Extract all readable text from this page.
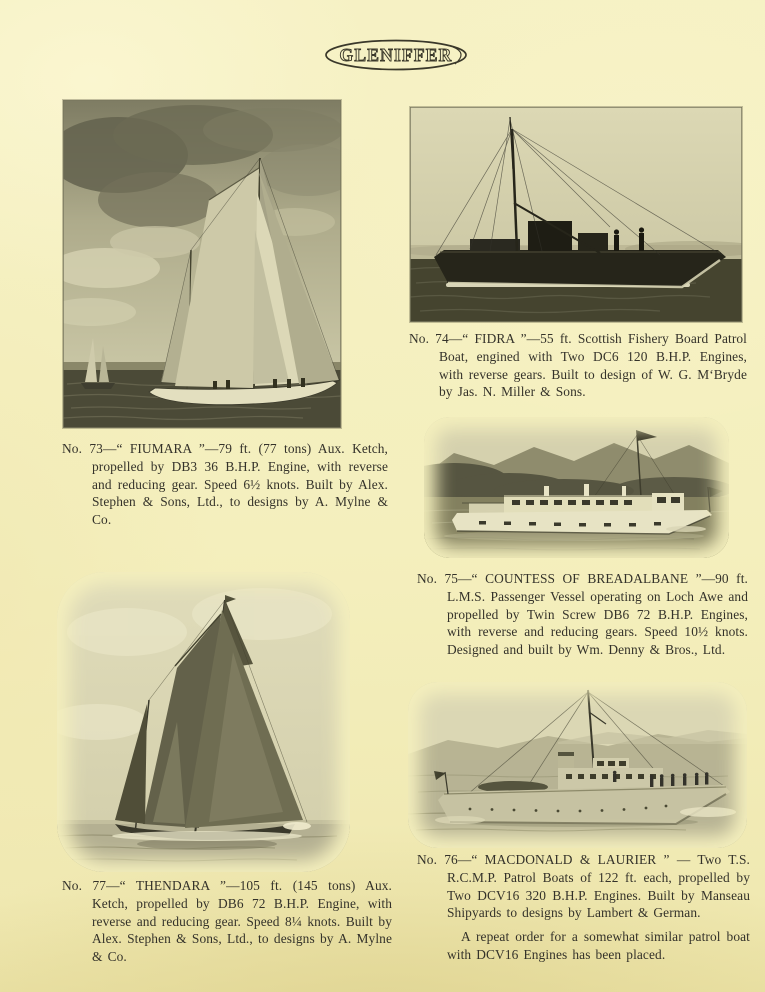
GLENIFFER

No. 73—“ FIUMARA ”—79 ft. (77 tons) Aux. Ketch, propelled by DB3 36 B.H.P. Engine, with reverse and reducing gear. Speed 6½ knots. Built by Alex. Stephen & Sons, Ltd., to designs by A. Mylne & Co.

No. 74—“ FIDRA ”—55 ft. Scottish Fishery Board Patrol Boat, engined with Two DC6 120 B.H.P. Engines, with reverse gears. Built to design of W. G. M‘Bryde by Jas. N. Miller & Sons.

No. 75—“ COUNTESS OF BREADALBANE ”—90 ft. L.M.S. Passenger Vessel operating on Loch Awe and propelled by Twin Screw DB6 72 B.H.P. Engines, with reverse and reducing gears. Speed 10½ knots. Designed and built by Wm. Denny & Bros., Ltd.

No. 77—“ THENDARA ”—105 ft. (145 tons) Aux. Ketch, propelled by DB6 72 B.H.P. Engine, with reverse and reducing gear. Speed 8¼ knots. Built by Alex. Stephen & Sons, Ltd., to designs by A. Mylne & Co.

No. 76—“ MACDONALD & LAURIER ” — Two T.S. R.C.M.P. Patrol Boats of 122 ft. each, propelled by Two DCV16 320 B.H.P. Engines. Built by Manseau Shipyards to designs by Lambert & German.

A repeat order for a somewhat similar patrol boat with DCV16 Engines has been placed.
